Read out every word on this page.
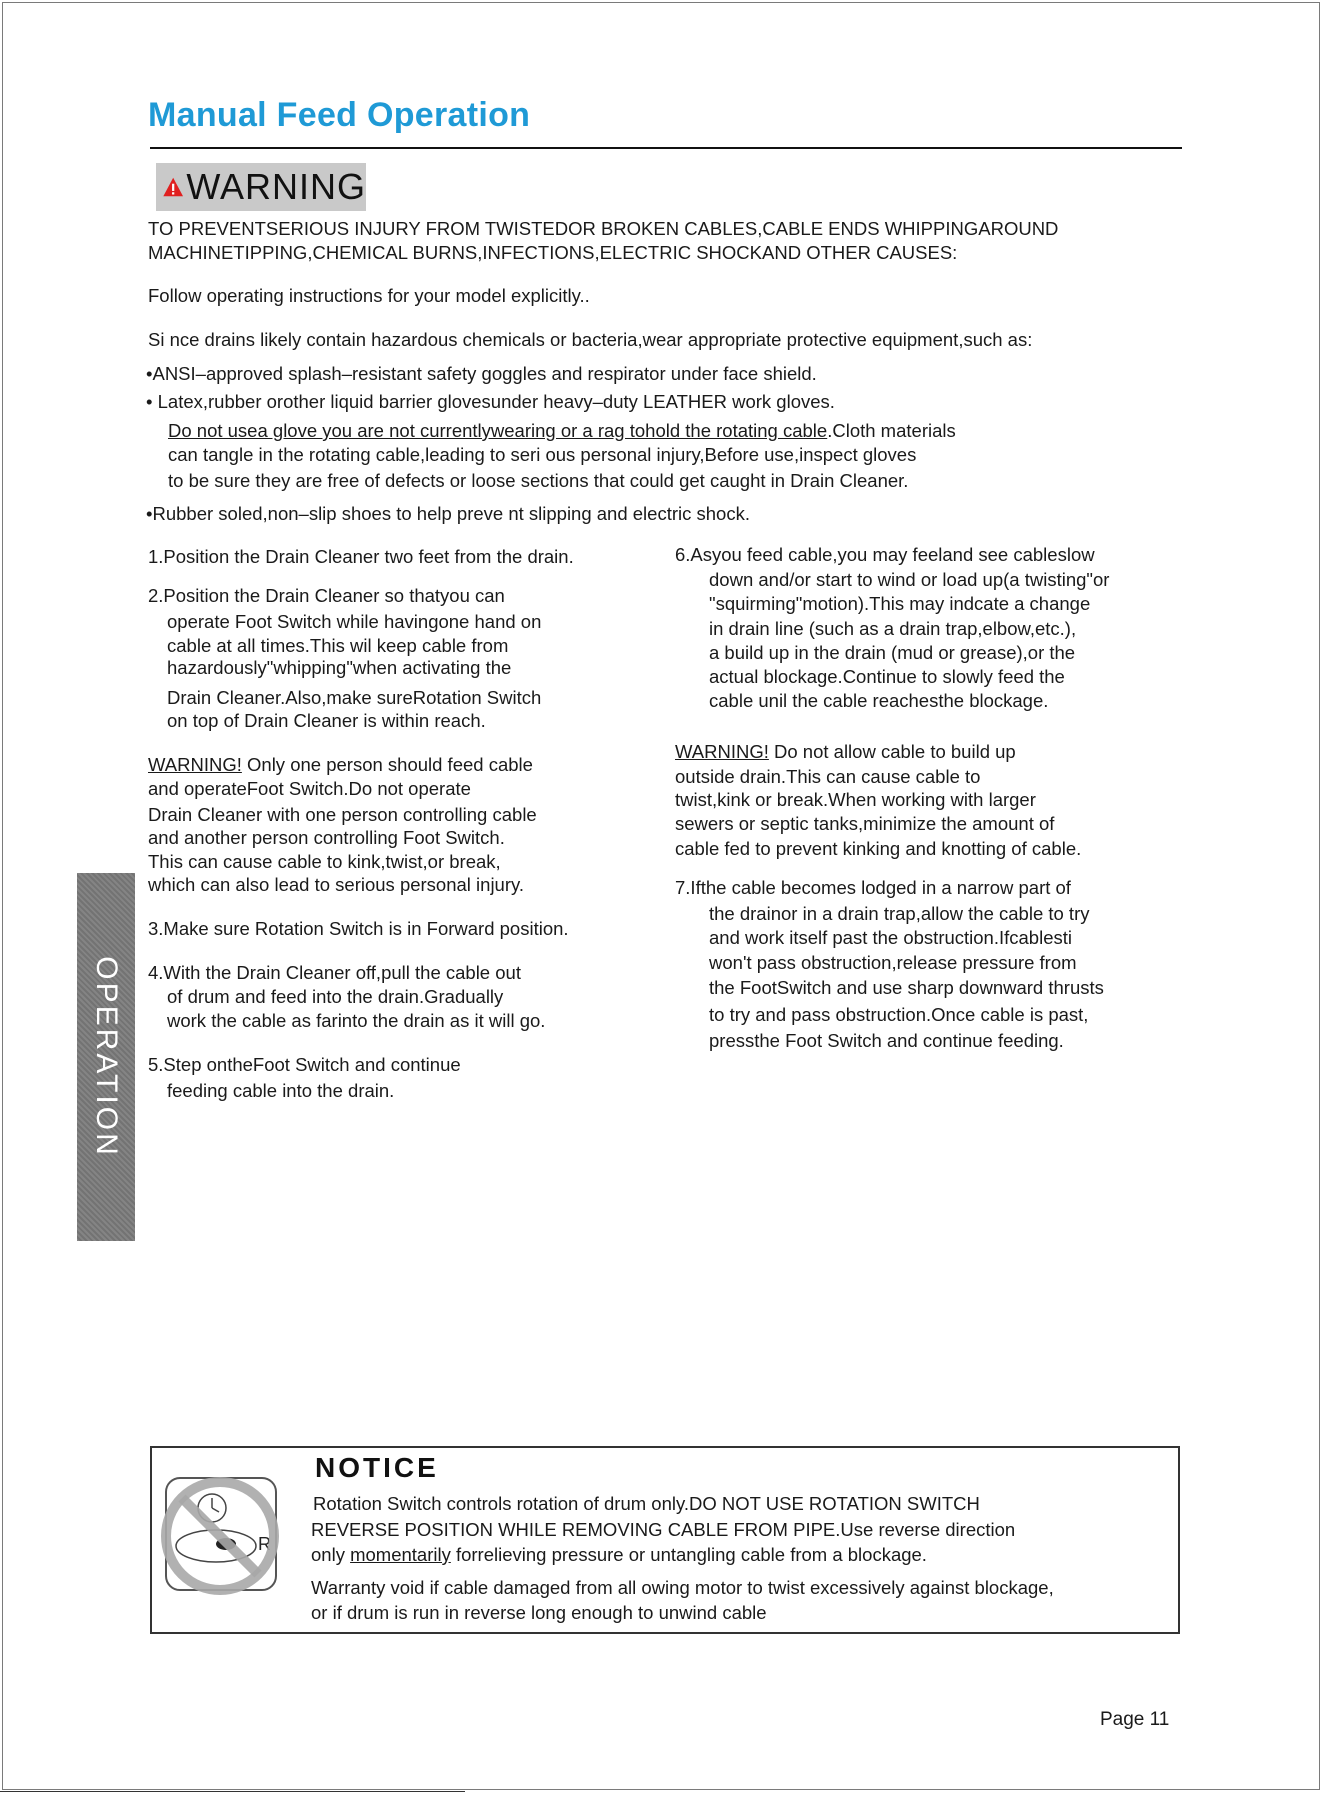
Manual Feed Operation
WARNING
TO PREVENTSERIOUS INJURY FROM TWISTEDOR BROKEN CABLES,CABLE ENDS WHIPPINGAROUND
MACHINETIPPING,CHEMICAL BURNS,INFECTIONS,ELECTRIC SHOCKAND OTHER CAUSES:
Follow operating instructions for your model explicitly..
Si nce drains likely contain hazardous chemicals or bacteria,wear appropriate protective equipment,such as:
•ANSI–approved splash–resistant safety goggles and respirator under face shield.
• Latex,rubber orother liquid barrier glovesunder heavy–duty LEATHER work gloves.
Do not usea glove you are not currentlywearing or a rag tohold the rotating cable.Cloth materials
can tangle in the rotating cable,leading to seri ous personal injury,Before use,inspect gloves
to be sure they are free of defects or loose sections that could get caught in Drain Cleaner.
•Rubber soled,non–slip shoes to help preve nt slipping and electric shock.
1.Position the Drain Cleaner two feet from the drain.
2.Position the Drain Cleaner so thatyou can
operate Foot Switch while havingone hand on
cable at all times.This wil keep cable from
hazardously"whipping"when activating the
Drain Cleaner.Also,make sureRotation Switch
on top of Drain Cleaner is within reach.
WARNING! Only one person should feed cable
and operateFoot Switch.Do not operate
Drain Cleaner with one person controlling cable
and another person controlling Foot Switch.
This can cause cable to kink,twist,or break,
which can also lead to serious personal injury.
3.Make sure Rotation Switch is in Forward position.
4.With the Drain Cleaner off,pull the cable out
of drum and feed into the drain.Gradually
work the cable as farinto the drain as it will go.
5.Step ontheFoot Switch and continue
feeding cable into the drain.
6.Asyou feed cable,you may feeland see cableslow
down and/or start to wind or load up(a twisting"or
"squirming"motion).This may indcate a change
in drain line (such as a drain trap,elbow,etc.),
a build up in the drain (mud or grease),or the
actual blockage.Continue to slowly feed the
cable unil the cable reachesthe blockage.
WARNING! Do not allow cable to build up
outside drain.This can cause cable to
twist,kink or break.When working with larger
sewers or septic tanks,minimize the amount of
cable fed to prevent kinking and knotting of cable.
7.Ifthe cable becomes lodged in a narrow part of
the drainor in a drain trap,allow the cable to try
and work itself past the obstruction.Ifcablesti
won't pass obstruction,release pressure from
the FootSwitch and use sharp downward thrusts
to try and pass obstruction.Once cable is past,
pressthe Foot Switch and continue feeding.
OPERATION
R
NOTICE
Rotation Switch controls rotation of drum only.DO NOT USE ROTATION SWITCH
REVERSE POSITION WHILE REMOVING CABLE FROM PIPE.Use reverse direction
only momentarily forrelieving pressure or untangling cable from a blockage.
Warranty void if cable damaged from all owing motor to twist excessively against blockage,
or if drum is run in reverse long enough to unwind cable
Page 11
